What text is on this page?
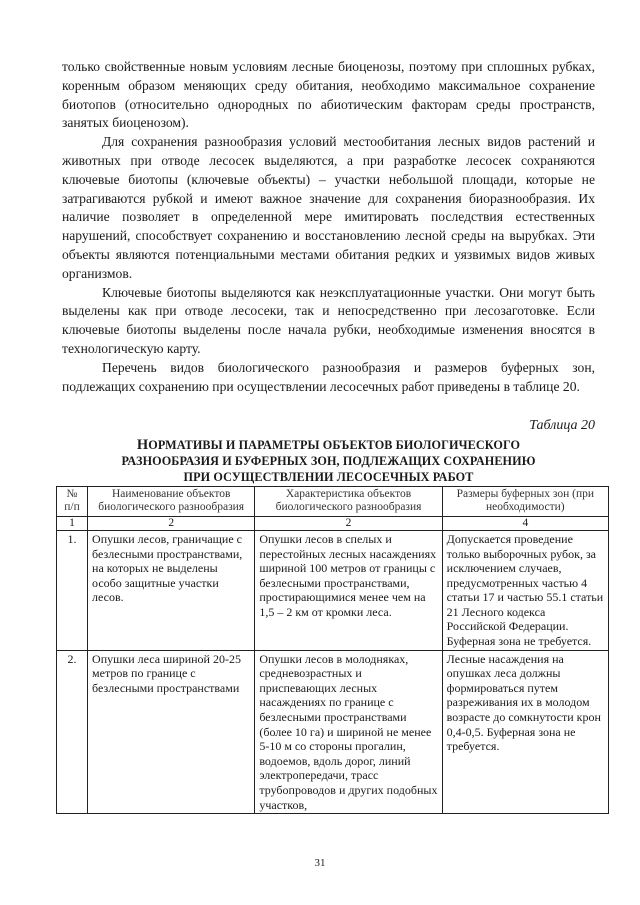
только свойственные новым условиям лесные биоценозы, поэтому при сплошных рубках, коренным образом меняющих среду обитания, необходимо максимальное сохранение биотопов (относительно однородных по абиотическим факторам среды пространств, занятых биоценозом).

Для сохранения разнообразия условий местообитания лесных видов растений и животных при отводе лесосек выделяются, а при разработке лесосек сохраняются ключевые биотопы (ключевые объекты) – участки небольшой площади, которые не затрагиваются рубкой и имеют важное значение для сохранения биоразнообразия. Их наличие позволяет в определенной мере имитировать последствия естественных нарушений, способствует сохранению и восстановлению лесной среды на вырубках. Эти объекты являются потенциальными местами обитания редких и уязвимых видов живых организмов.

Ключевые биотопы выделяются как неэксплуатационные участки. Они могут быть выделены как при отводе лесосеки, так и непосредственно при лесозаготовке. Если ключевые биотопы выделены после начала рубки, необходимые изменения вносятся в технологическую карту.

Перечень видов биологического разнообразия и размеров буферных зон, подлежащих сохранению при осуществлении лесосечных работ приведены в таблице 20.

Таблица 20
НОРМАТИВЫ И ПАРАМЕТРЫ ОБЪЕКТОВ БИОЛОГИЧЕСКОГО
РАЗНООБРАЗИЯ И БУФЕРНЫХ ЗОН, ПОДЛЕЖАЩИХ СОХРАНЕНИЮ
ПРИ ОСУЩЕСТВЛЕНИИ ЛЕСОСЕЧНЫХ РАБОТ
№ п/п	Наименование объектов биологического разнообразия	Характеристика объектов биологического разнообразия	Размеры буферных зон (при необходимости)
1	2	2	4
1.	Опушки лесов, граничащие с безлесными пространствами, на которых не выделены особо защитные участки лесов.	Опушки лесов в спелых и перестойных лесных насаждениях шириной 100 метров от границы с безлесными пространствами, простирающимися менее чем на 1,5 – 2 км от кромки леса.	Допускается проведение только выборочных рубок, за исключением случаев, предусмотренных частью 4 статьи 17 и частью 55.1 статьи 21 Лесного кодекса Российской Федерации. Буферная зона не требуется.
2.	Опушки леса шириной 20-25 метров по границе с безлесными пространствами	Опушки лесов в молодняках, средневозрастных и приспевающих лесных насаждениях по границе с безлесными пространствами (более 10 га) и шириной не менее 5-10 м со стороны прогалин, водоемов, вдоль дорог, линий электропередачи, трасс трубопроводов и других подобных участков,	Лесные насаждения на опушках леса должны формироваться путем разреживания их в молодом возрасте до сомкнутости крон 0,4-0,5. Буферная зона не требуется.
31
